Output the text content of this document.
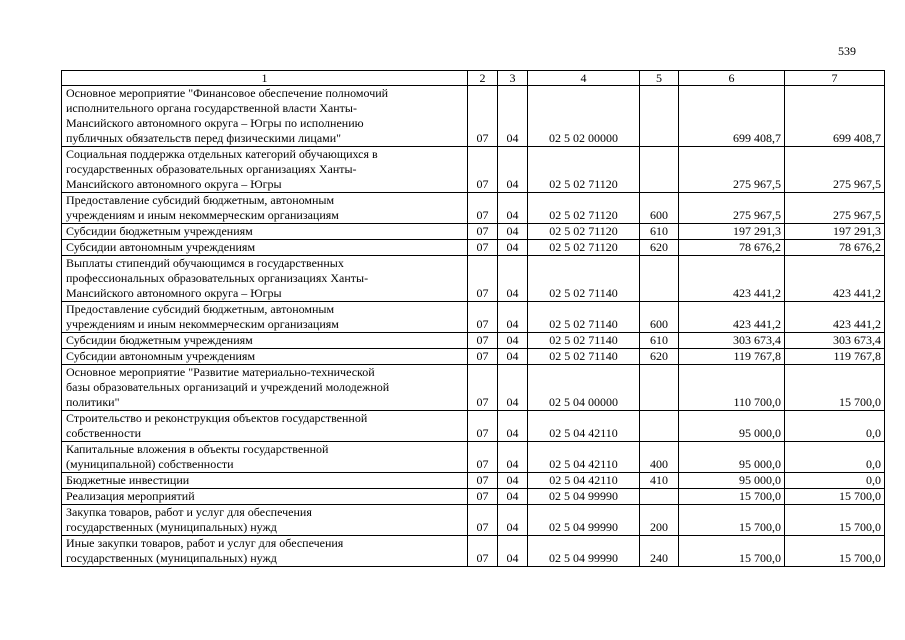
539
1	2	3	4	5	6	7
Основное мероприятие "Финансовое обеспечение полномочий
исполнительного органа государственной власти Ханты-
Мансийского автономного округа – Югры по исполнению
публичных обязательств перед физическими лицами"	07	04	02 5 02 00000		699 408,7	699 408,7
Социальная поддержка отдельных категорий обучающихся в
государственных образовательных организациях Ханты-
Мансийского автономного округа – Югры	07	04	02 5 02 71120		275 967,5	275 967,5
Предоставление субсидий бюджетным, автономным
учреждениям и иным некоммерческим организациям	07	04	02 5 02 71120	600	275 967,5	275 967,5
Субсидии бюджетным учреждениям	07	04	02 5 02 71120	610	197 291,3	197 291,3
Субсидии автономным учреждениям	07	04	02 5 02 71120	620	78 676,2	78 676,2
Выплаты стипендий обучающимся в государственных
профессиональных образовательных организациях Ханты-
Мансийского автономного округа – Югры	07	04	02 5 02 71140		423 441,2	423 441,2
Предоставление субсидий бюджетным, автономным
учреждениям и иным некоммерческим организациям	07	04	02 5 02 71140	600	423 441,2	423 441,2
Субсидии бюджетным учреждениям	07	04	02 5 02 71140	610	303 673,4	303 673,4
Субсидии автономным учреждениям	07	04	02 5 02 71140	620	119 767,8	119 767,8
Основное мероприятие "Развитие материально-технической
базы образовательных организаций и учреждений молодежной
политики"	07	04	02 5 04 00000		110 700,0	15 700,0
Строительство и реконструкция объектов государственной
собственности	07	04	02 5 04 42110		95 000,0	0,0
Капитальные вложения в объекты государственной
(муниципальной) собственности	07	04	02 5 04 42110	400	95 000,0	0,0
Бюджетные инвестиции	07	04	02 5 04 42110	410	95 000,0	0,0
Реализация мероприятий	07	04	02 5 04 99990		15 700,0	15 700,0
Закупка товаров, работ и услуг для обеспечения
государственных (муниципальных) нужд	07	04	02 5 04 99990	200	15 700,0	15 700,0
Иные закупки товаров, работ и услуг для обеспечения
государственных (муниципальных) нужд	07	04	02 5 04 99990	240	15 700,0	15 700,0
